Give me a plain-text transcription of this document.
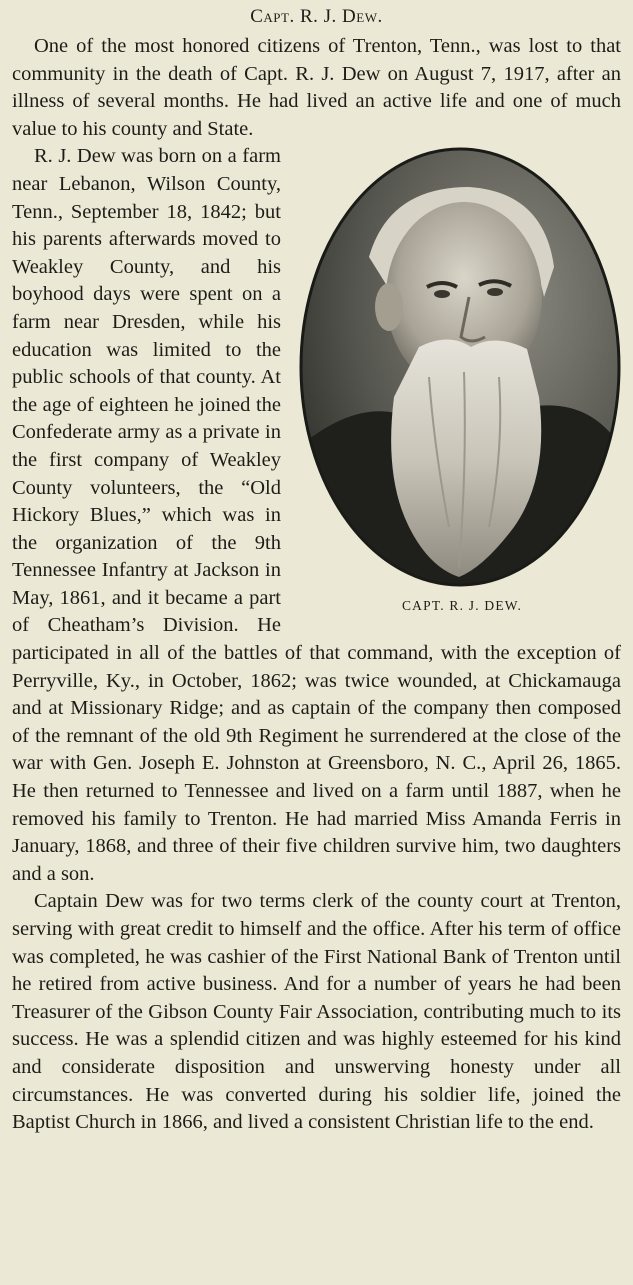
Capt. R. J. Dew.

One of the most honored citizens of Trenton, Tenn., was lost to that community in the death of Capt. R. J. Dew on August 7, 1917, after an illness of several months. He had lived an active life and one of much value to his county and State.

CAPT. R. J. DEW.

R. J. Dew was born on a farm near Lebanon, Wilson County, Tenn., September 18, 1842; but his parents afterwards moved to Weakley County, and his boyhood days were spent on a farm near Dresden, while his education was limited to the public schools of that county. At the age of eighteen he joined the Confederate army as a private in the first company of Weakley County volunteers, the “Old Hickory Blues,” which was in the organization of the 9th Tennessee Infantry at Jackson in May, 1861, and it became a part of Cheatham’s Division. He participated in all of the battles of that command, with the exception of Perryville, Ky., in October, 1862; was twice wounded, at Chickamauga and at Missionary Ridge; and as captain of the company then composed of the remnant of the old 9th Regiment he surrendered at the close of the war with Gen. Joseph E. Johnston at Greensboro, N. C., April 26, 1865. He then returned to Tennessee and lived on a farm until 1887, when he removed his family to Trenton. He had married Miss Amanda Ferris in January, 1868, and three of their five children survive him, two daughters and a son.

Captain Dew was for two terms clerk of the county court at Trenton, serving with great credit to himself and the office. After his term of office was completed, he was cashier of the First National Bank of Trenton until he retired from active business. And for a number of years he had been Treasurer of the Gibson County Fair Association, contributing much to its success. He was a splendid citizen and was highly esteemed for his kind and considerate disposition and unswerving honesty under all circumstances. He was converted during his soldier life, joined the Baptist Church in 1866, and lived a consistent Christian life to the end.
